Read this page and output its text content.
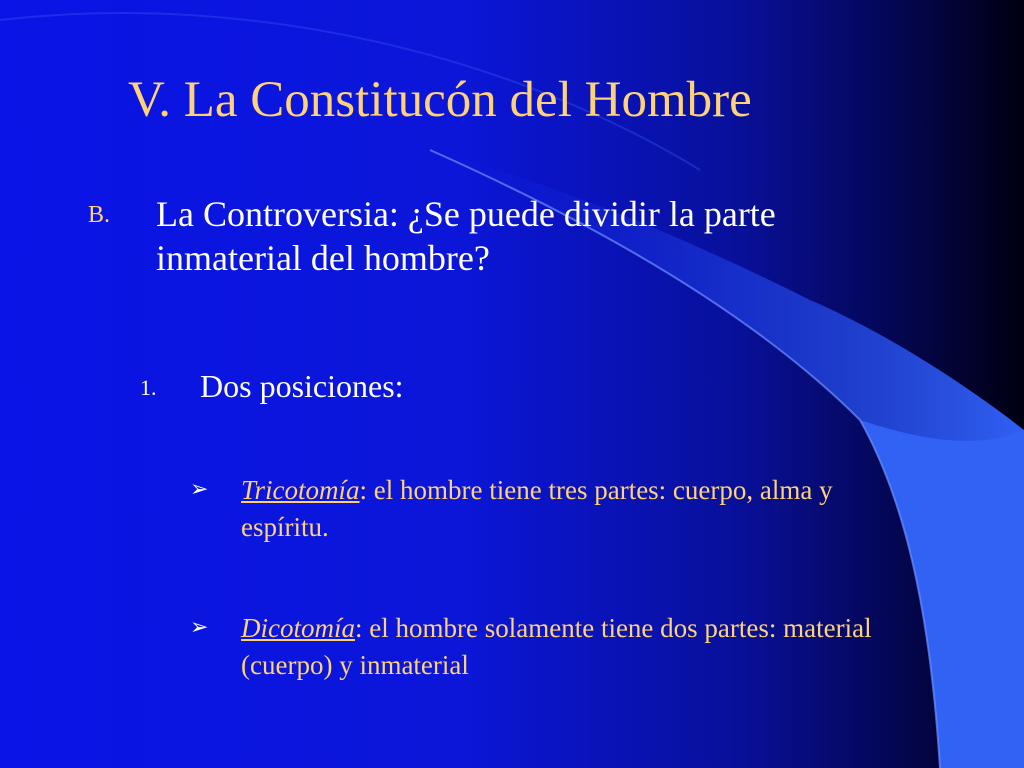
V. La Constitucón del Hombre
B. La Controversia: ¿Se puede dividir la parte inmaterial del hombre?
1. Dos posiciones:
➢ Tricotomía: el hombre tiene tres partes: cuerpo, alma y espíritu.
➢ Dicotomía: el hombre solamente tiene dos partes: material (cuerpo) y inmaterial
